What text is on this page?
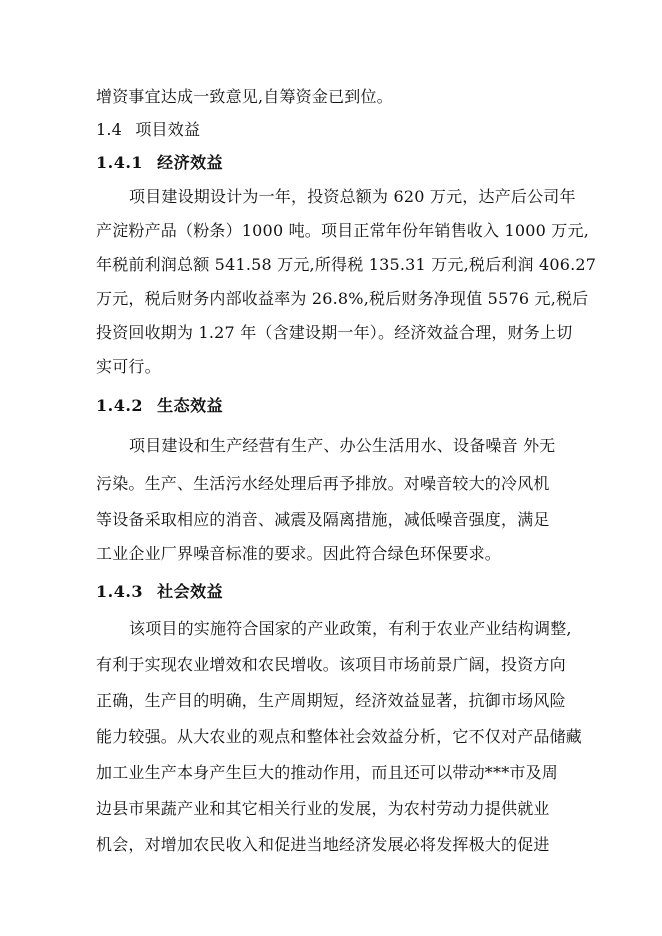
增资事宜达成一致意见,自筹资金已到位。
1.4 项目效益
1.4.1 经济效益
项目建设期设计为一年，投资总额为 620 万元，达产后公司年
产淀粉产品（粉条）1000 吨。项目正常年份年销售收入 1000 万元,
年税前利润总额 541.58 万元,所得税 135.31 万元,税后利润 406.27
万元，税后财务内部收益率为 26.8%,税后财务净现值 5576 元,税后
投资回收期为 1.27 年（含建设期一年）。经济效益合理，财务上切
实可行。
1.4.2 生态效益
项目建设和生产经营有生产、办公生活用水、设备噪音 外无
污染。生产、生活污水经处理后再予排放。对噪音较大的冷风机
等设备采取相应的消音、减震及隔离措施，减低噪音强度，满足
工业企业厂界噪音标准的要求。因此符合绿色环保要求。
1.4.3 社会效益
该项目的实施符合国家的产业政策，有利于农业产业结构调整,
有利于实现农业增效和农民增收。该项目市场前景广阔，投资方向
正确，生产目的明确，生产周期短，经济效益显著，抗御市场风险
能力较强。从大农业的观点和整体社会效益分析，它不仅对产品储藏
加工业生产本身产生巨大的推动作用，而且还可以带动***市及周
边县市果蔬产业和其它相关行业的发展，为农村劳动力提供就业
机会，对增加农民收入和促进当地经济发展必将发挥极大的促进
